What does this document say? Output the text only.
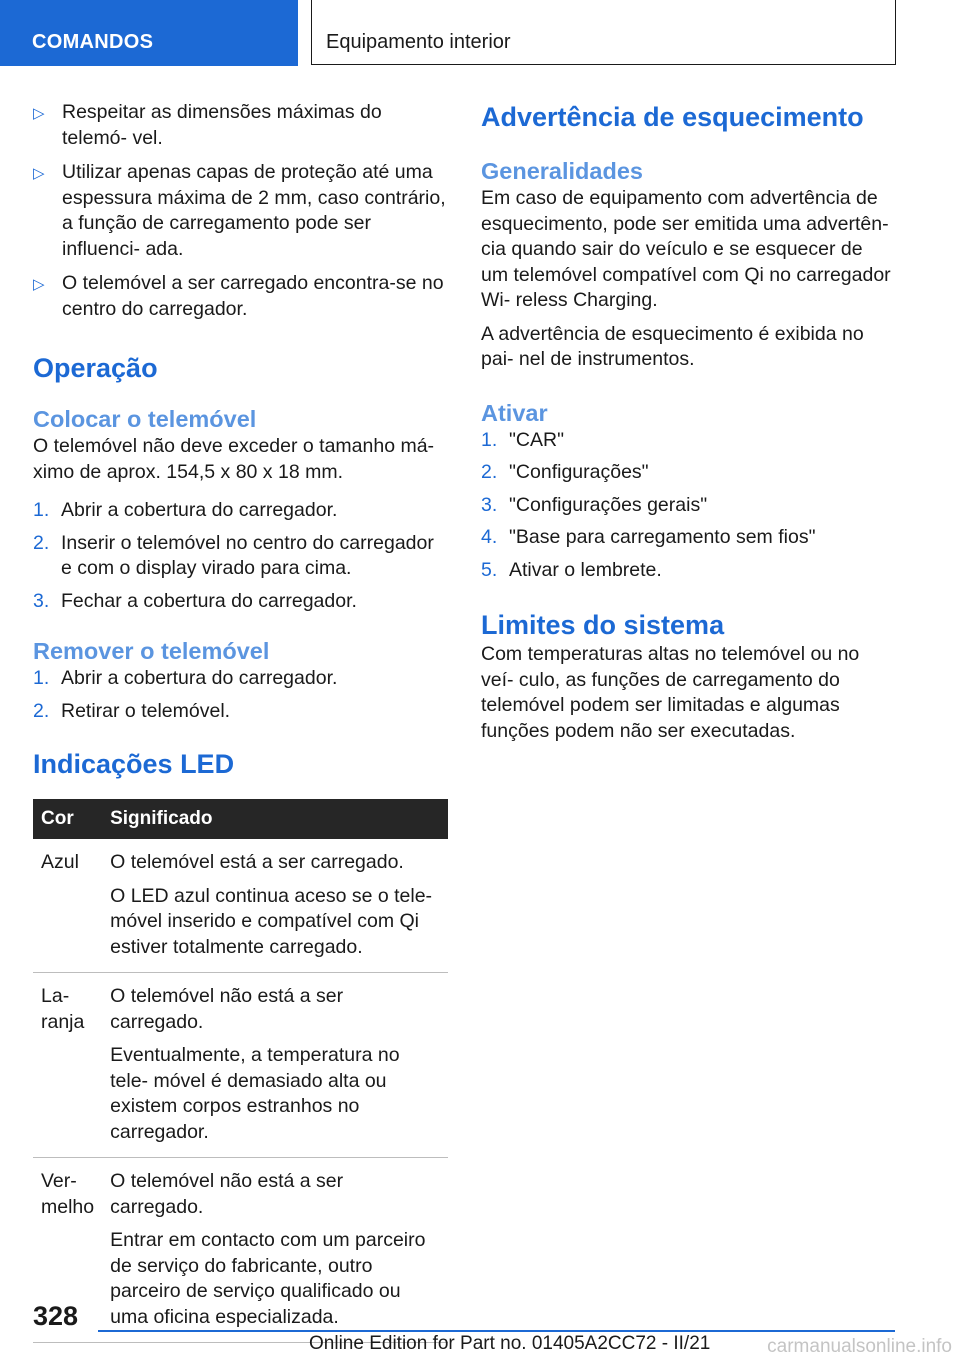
COMANDOS	Equipamento interior
▷ Respeitar as dimensões máximas do telemó- vel.
▷ Utilizar apenas capas de proteção até uma espessura máxima de 2 mm, caso contrário, a função de carregamento pode ser influenci- ada.
▷ O telemóvel a ser carregado encontra-se no centro do carregador.
Operação
Colocar o telemóvel

O telemóvel não deve exceder o tamanho má- ximo de aprox. 154,5 x 80 x 18 mm.

1. Abrir a cobertura do carregador.
2. Inserir o telemóvel no centro do carregador e com o display virado para cima.
3. Fechar a cobertura do carregador.
Remover o telemóvel
1. Abrir a cobertura do carregador.
2. Retirar o telemóvel.
Indicações LED
Cor	Significado
Azul	O telemóvel está a ser carregado.

O LED azul continua aceso se o tele- móvel inserido e compatível com Qi estiver totalmente carregado.

La- ranja	O telemóvel não está a ser carregado.

Eventualmente, a temperatura no tele- móvel é demasiado alta ou existem corpos estranhos no carregador.

Ver- melho	O telemóvel não está a ser carregado.

Entrar em contacto com um parceiro de serviço do fabricante, outro parceiro de serviço qualificado ou uma oficina especializada.

Advertência de esquecimento
Generalidades

Em caso de equipamento com advertência de esquecimento, pode ser emitida uma advertên- cia quando sair do veículo e se esquecer de um telemóvel compatível com Qi no carregador Wi- reless Charging.

A advertência de esquecimento é exibida no pai- nel de instrumentos.

Ativar
1. "CAR"
2. "Configurações"
3. "Configurações gerais"
4. "Base para carregamento sem fios"
5. Ativar o lembrete.
Limites do sistema

Com temperaturas altas no telemóvel ou no veí- culo, as funções de carregamento do telemóvel podem ser limitadas e algumas funções podem não ser executadas.

328
Online Edition for Part no. 01405A2CC72 - II/21	carmanualsonline.info
